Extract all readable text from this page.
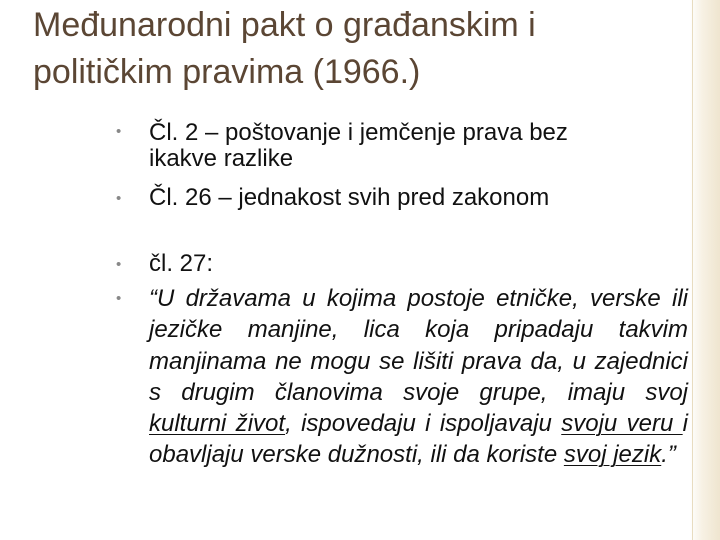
Međunarodni pakt o građanskim i
političkim pravima (1966.)
• Čl. 2 – poštovanje i jemčenje prava bez
ikakve razlike
• Čl. 26 – jednakost svih pred zakonom
• čl. 27:
• “U državama u kojima postoje etničke, verske ili jezičke manjine, lica koja pripadaju takvim manjinama ne mogu se lišiti prava da, u zajednici s drugim članovima svoje grupe, imaju svoj kulturni život, ispovedaju i ispoljavaju svoju veru i obavljaju verske dužnosti, ili da koriste svoj jezik.”
